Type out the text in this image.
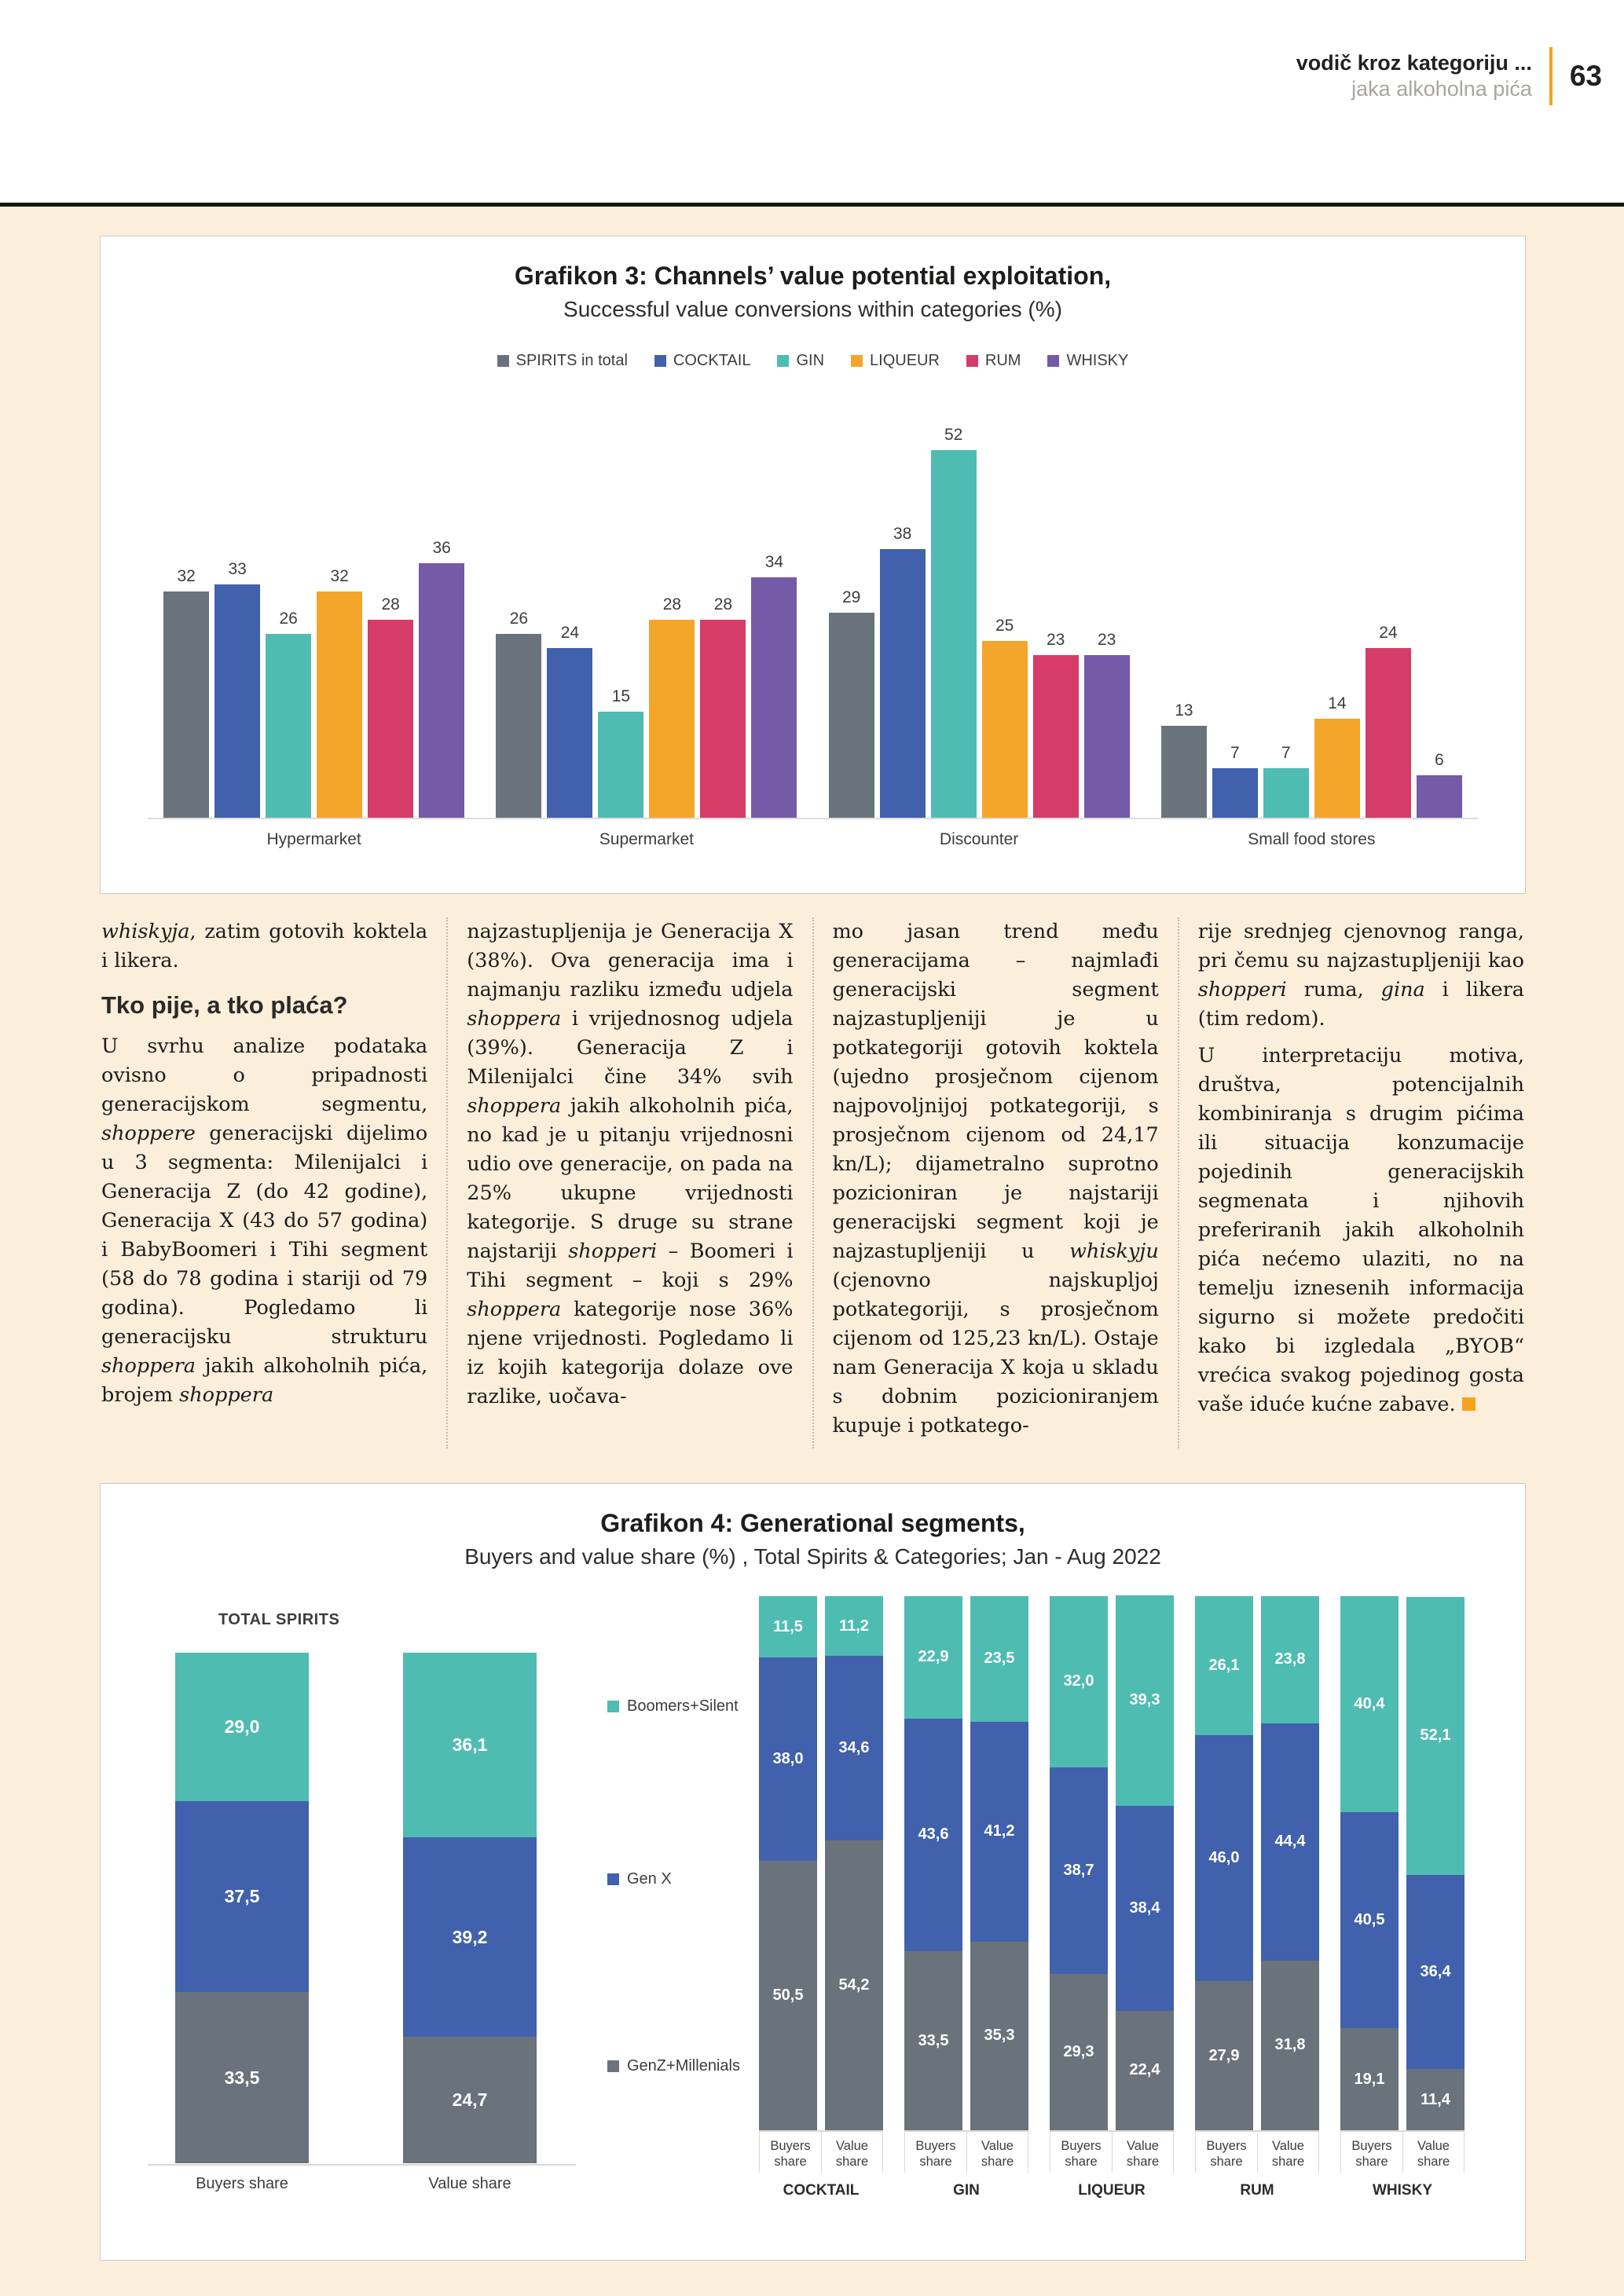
vodič kroz kategoriju ...
jaka alkoholna pića 63
Grafikon 3: Channels’ value potential exploitation,
Successful value conversions within categories (%)
SPIRITS in total	COCKTAIL	GIN	LIQUEUR	RUM	WHISKY
32 33
26
32
28
36
26
24
15
28 28
34
29
38
52
25
23 23
13
7	7
14
24
6
Hypermarket	Supermarket	Discounter	Small food stores

whiskyja, zatim gotovih koktela i likera.

Tko pije, a tko plaća?

U svrhu analize podataka ovisno o pripadnosti generacijskom segmentu, shoppere generacijski dijelimo u 3 segmenta: Milenijalci i Generacija Z (do 42 godine), Generacija X (43 do 57 godina) i BabyBoomeri i Tihi segment (58 do 78 godina i stariji od 79 godina). Pogledamo li generacijsku strukturu shoppera jakih alkoholnih pića, brojem shoppera

najzastupljenija je Generacija X (38%). Ova generacija ima i najmanju razliku između udjela shoppera i vrijednosnog udjela (39%). Generacija Z i Milenijalci čine 34% svih shoppera jakih alkoholnih pića, no kad je u pitanju vrijednosni udio ove generacije, on pada na 25% ukupne vrijednosti kategorije. S druge su strane najstariji shopperi – Boomeri i Tihi segment – koji s 29% shoppera kategorije nose 36% njene vrijednosti. Pogledamo li iz kojih kategorija dolaze ove razlike, uočava-

mo jasan trend među generacijama – najmlađi generacijski segment najzastupljeniji je u potkategoriji gotovih koktela (ujedno prosječnom cijenom najpovoljnijoj potkategoriji, s prosječnom cijenom od 24,17 kn/L); dijametralno suprotno pozicioniran je najstariji generacijski segment koji je najzastupljeniji u whiskyju (cjenovno najskupljoj potkategoriji, s prosječnom cijenom od 125,23 kn/L). Ostaje nam Generacija X koja u skladu s dobnim pozicioniranjem kupuje i potkatego-

rije srednjeg cjenovnog ranga, pri čemu su najzastupljeniji kao shopperi ruma, gina i likera (tim redom).

U interpretaciju motiva, društva, potencijalnih kombiniranja s drugim pićima ili situacija konzumacije pojedinih generacijskih segmenata i njihovih preferiranih jakih alkoholnih pića nećemo ulaziti, no na temelju iznesenih informacija sigurno si možete predočiti kako bi izgledala „BYOB“ vrećica svakog pojedinog gosta vaše iduće kućne zabave.

Grafikon 4: Generational segments,
Buyers and value share (%) , Total Spirits & Categories; Jan - Aug 2022
TOTAL SPIRITS
29,0
37,5
33,5
36,1
39,2
24,7
Buyers share	Value share
Boomers+Silent
Gen X
GenZ+Millenials
11,5
38,0
50,5
11,2
34,6
54,2
Buyers share
Value share
COCKTAIL
22,9
43,6
33,5
23,5
41,2
35,3
Buyers share
Value share
GIN
32,0
38,7
29,3
39,3
38,4
22,4
Buyers share
Value share
LIQUEUR
26,1
46,0
27,9
23,8
44,4
31,8
Buyers share
Value share
RUM
40,4
40,5
19,1
52,1
36,4
11,4
Buyers share
Value share
WHISKY
